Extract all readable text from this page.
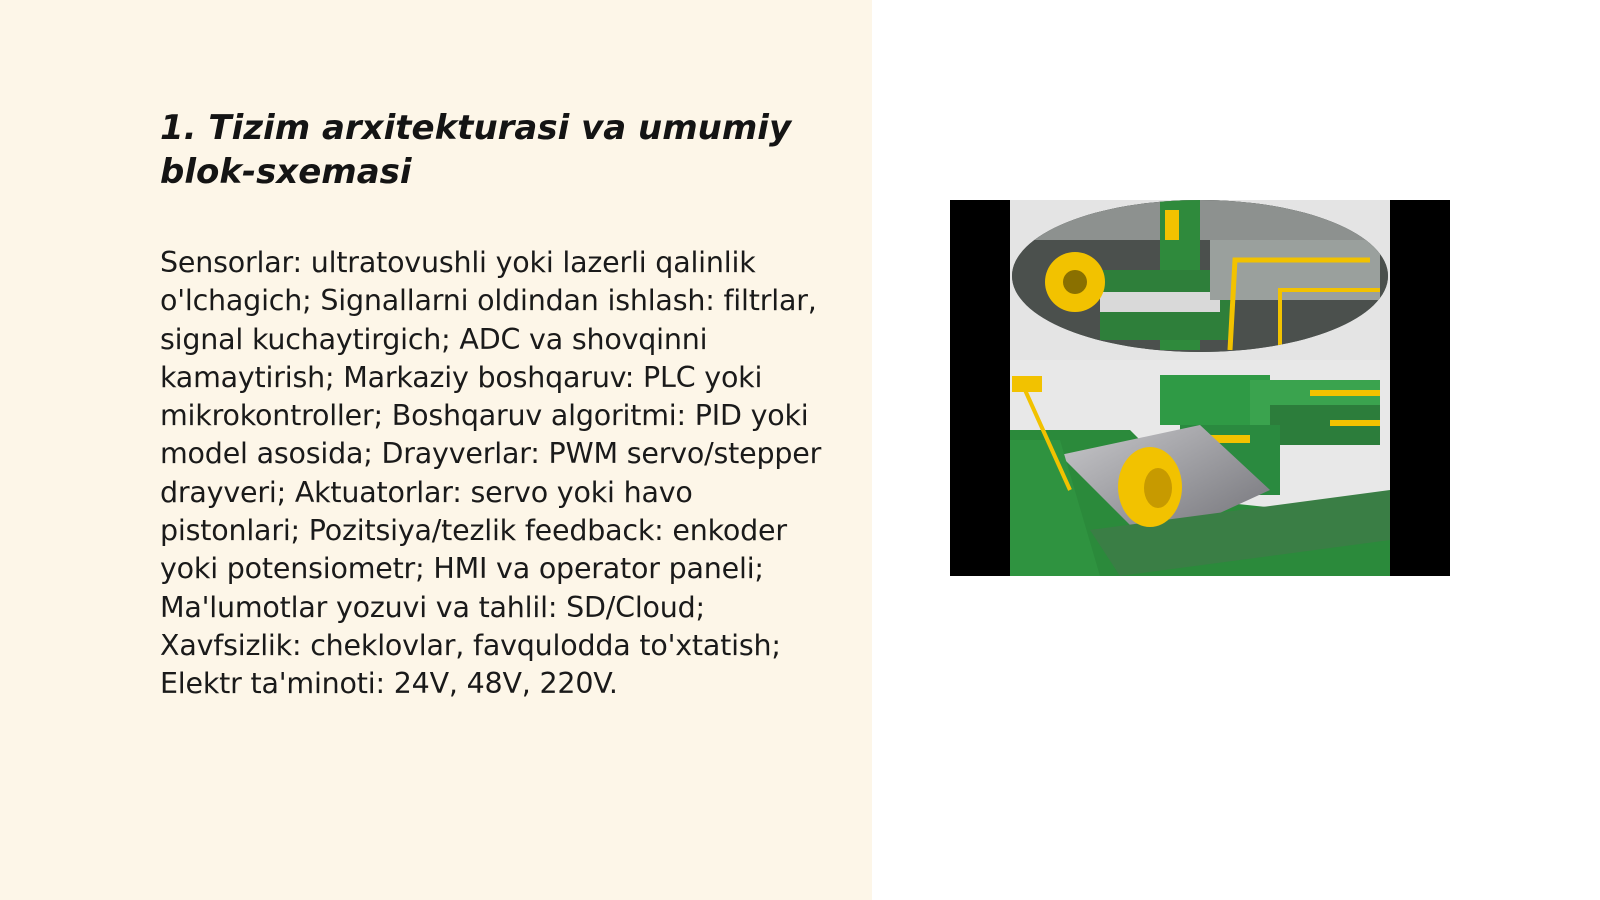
1. Tizim arxitekturasi va umumiy blok-sxemasi

Sensorlar: ultratovushli yoki lazerli qalinlik o'lchagich; Signallarni oldindan ishlash: filtrlar, signal kuchaytirgich; ADC va shovqinni kamaytirish; Markaziy boshqaruv: PLC yoki mikrokontroller; Boshqaruv algoritmi: PID yoki model asosida; Drayverlar: PWM servo/stepper drayveri; Aktuatorlar: servo yoki havo pistonlari; Pozitsiya/tezlik feedback: enkoder yoki potensiometr; HMI va operator paneli; Ma'lumotlar yozuvi va tahlil: SD/Cloud; Xavfsizlik: cheklovlar, favqulodda to'xtatish; Elektr ta'minoti: 24V, 48V, 220V.
